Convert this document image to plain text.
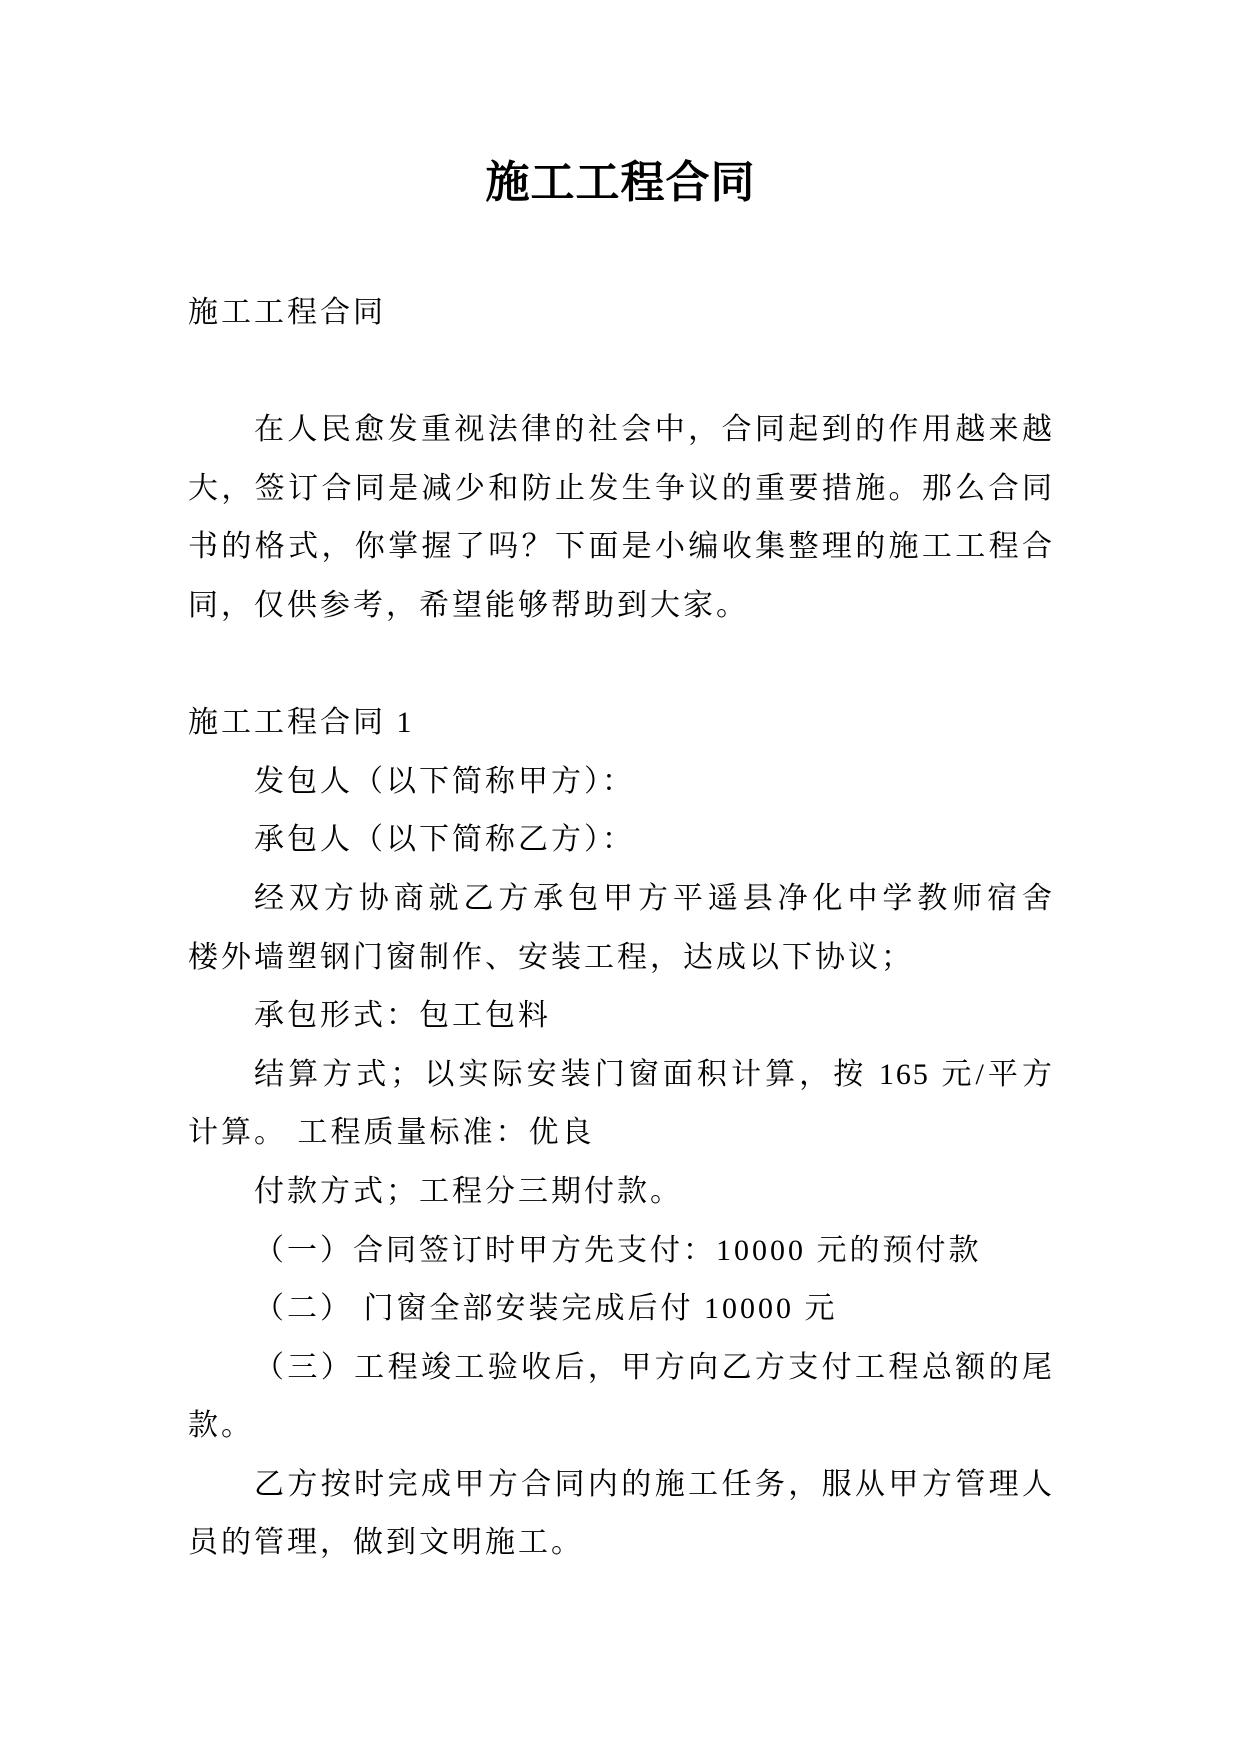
施工工程合同
施工工程合同
在人民愈发重视法律的社会中，合同起到的作用越来越
大，签订合同是减少和防止发生争议的重要措施。那么合同
书的格式，你掌握了吗？下面是小编收集整理的施工工程合
同，仅供参考，希望能够帮助到大家。
施工工程合同 1
发包人（以下简称甲方）：
承包人（以下简称乙方）：
经双方协商就乙方承包甲方平遥县净化中学教师宿舍
楼外墙塑钢门窗制作、安装工程，达成以下协议；
承包形式：包工包料
结算方式；以实际安装门窗面积计算，按 165 元/平方
计算。 工程质量标准：优良
付款方式；工程分三期付款。
（一）合同签订时甲方先支付：10000 元的预付款
（二） 门窗全部安装完成后付 10000 元
（三）工程竣工验收后，甲方向乙方支付工程总额的尾
款。
乙方按时完成甲方合同内的施工任务，服从甲方管理人
员的管理，做到文明施工。
